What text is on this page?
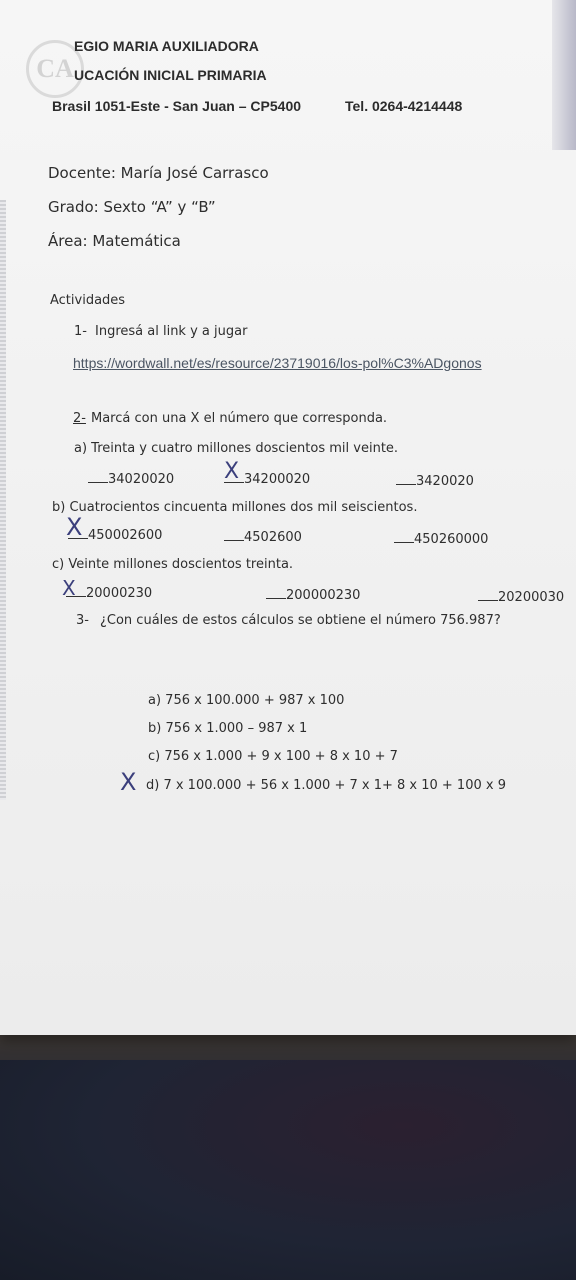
CA
EGIO MARIA AUXILIADORA
UCACIÓN INICIAL PRIMARIA
Brasil 1051-Este - San Juan – CP5400	Tel. 0264-4214448
Docente: María José Carrasco
Grado: Sexto “A” y “B”
Área: Matemática
Actividades
1- Ingresá al link y a jugar
https://wordwall.net/es/resource/23719016/los-pol%C3%ADgonos
2- Marcá con una X el número que corresponda.
a) Treinta y cuatro millones doscientos mil veinte.
34020020 X 34200020	3420020
b) Cuatrocientos cincuenta millones dos mil seiscientos.
X 450002600	4502600	450260000
c) Veinte millones doscientos treinta.
X 20000230	200000230	20200030
3- ¿Con cuáles de estos cálculos se obtiene el número 756.987?
a) 756 x 100.000 + 987 x 100
b) 756 x 1.000 – 987 x 1
c) 756 x 1.000 + 9 x 100 + 8 x 10 + 7
X d) 7 x 100.000 + 56 x 1.000 + 7 x 1+ 8 x 10 + 100 x 9
